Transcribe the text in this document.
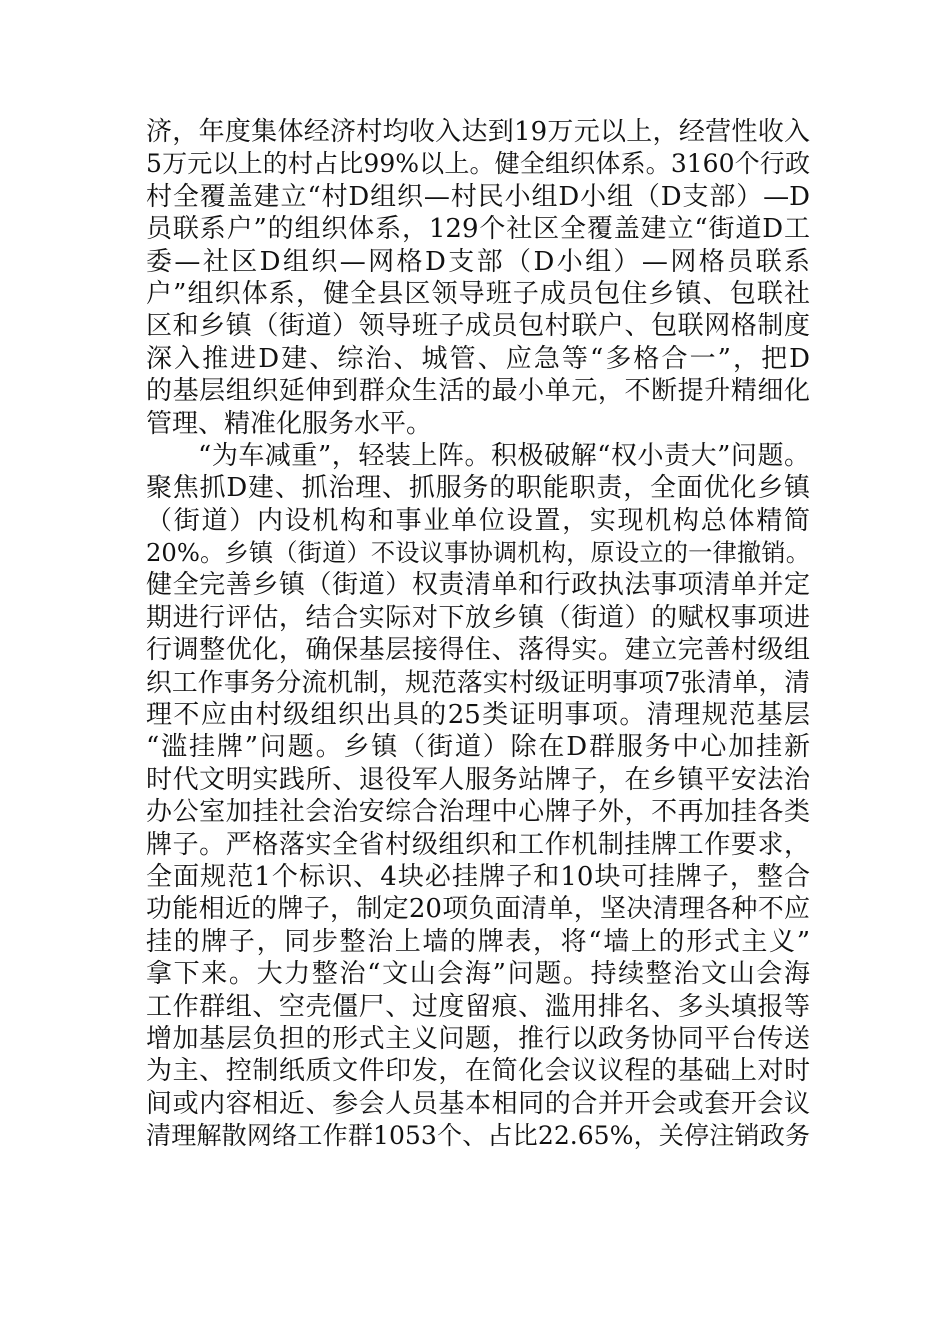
济，年度集体经济村均收入达到19万元以上，经营性收入
5万元以上的村占比99%以上。健全组织体系。3160个行政
村全覆盖建立“村D组织—村民小组D小组（D支部）—D
员联系户”的组织体系，129个社区全覆盖建立“街道D工
委—社区D组织—网格D支部（D小组）—网格员联系
户”组织体系，健全县区领导班子成员包住乡镇、包联社
区和乡镇（街道）领导班子成员包村联户、包联网格制度
深入推进D建、综治、城管、应急等“多格合一”，把D
的基层组织延伸到群众生活的最小单元，不断提升精细化
管理、精准化服务水平。
“为车减重”，轻装上阵。积极破解“权小责大”问题。
聚焦抓D建、抓治理、抓服务的职能职责，全面优化乡镇
（街道）内设机构和事业单位设置，实现机构总体精简
20%。乡镇（街道）不设议事协调机构，原设立的一律撤销。
健全完善乡镇（街道）权责清单和行政执法事项清单并定
期进行评估，结合实际对下放乡镇（街道）的赋权事项进
行调整优化，确保基层接得住、落得实。建立完善村级组
织工作事务分流机制，规范落实村级证明事项7张清单，清
理不应由村级组织出具的25类证明事项。清理规范基层
“滥挂牌”问题。乡镇（街道）除在D群服务中心加挂新
时代文明实践所、退役军人服务站牌子，在乡镇平安法治
办公室加挂社会治安综合治理中心牌子外，不再加挂各类
牌子。严格落实全省村级组织和工作机制挂牌工作要求，
全面规范1个标识、4块必挂牌子和10块可挂牌子，整合
功能相近的牌子，制定20项负面清单，坚决清理各种不应
挂的牌子，同步整治上墙的牌表，将“墙上的形式主义”
拿下来。大力整治“文山会海”问题。持续整治文山会海
工作群组、空壳僵尸、过度留痕、滥用排名、多头填报等
增加基层负担的形式主义问题，推行以政务协同平台传送
为主、控制纸质文件印发，在简化会议议程的基础上对时
间或内容相近、参会人员基本相同的合并开会或套开会议
清理解散网络工作群1053个、占比22.65%，关停注销政务
